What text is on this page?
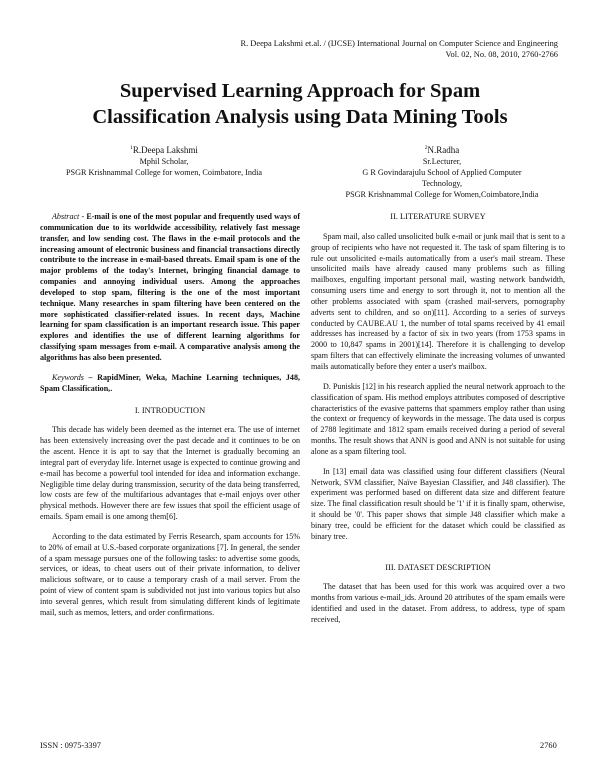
R. Deepa Lakshmi et.al. / (IJCSE) International Journal on Computer Science and Engineering
Vol. 02, No. 08, 2010, 2760-2766
Supervised Learning Approach for Spam
Classification Analysis using Data Mining Tools
$^1$R.Deepa Lakshmi
Mphil Scholar,
PSGR Krishnammal College for women, Coimbatore, India
$^2$N.Radha
Sr.Lecturer,
G R Govindarajulu School of Applied Computer
Technology,
PSGR Krishnammal College for Women,Coimbatore,India

Abstract - E-mail is one of the most popular and frequently used ways of communication due to its worldwide accessibility, relatively fast message transfer, and low sending cost. The flaws in the e-mail protocols and the increasing amount of electronic business and financial transactions directly contribute to the increase in e-mail-based threats. Email spam is one of the major problems of the today's Internet, bringing financial damage to companies and annoying individual users. Among the approaches developed to stop spam, filtering is the one of the most important technique. Many researches in spam filtering have been centered on the more sophisticated classifier-related issues. In recent days, Machine learning for spam classification is an important research issue. This paper explores and identifies the use of different learning algorithms for classifying spam messages from e-mail. A comparative analysis among the algorithms has also been presented.

Keywords – RapidMiner, Weka, Machine Learning techniques, J48, Spam Classification,.

I. INTRODUCTION

This decade has widely been deemed as the internet era. The use of internet has been extensively increasing over the past decade and it continues to be on the ascent. Hence it is apt to say that the Internet is gradually becoming an integral part of everyday life. Internet usage is expected to continue growing and e-mail has become a powerful tool intended for idea and information exchange. Negligible time delay during transmission, security of the data being transferred, low costs are few of the multifarious advantages that e-mail enjoys over other physical methods. However there are few issues that spoil the efficient usage of emails. Spam email is one among them[6].

According to the data estimated by Ferris Research, spam accounts for 15% to 20% of email at U.S.-based corporate organizations [7]. In general, the sender of a spam message pursues one of the following tasks: to advertise some goods, services, or ideas, to cheat users out of their private information, to deliver malicious software, or to cause a temporary crash of a mail server. From the point of view of content spam is subdivided not just into various topics but also into several genres, which result from simulating different kinds of legitimate mail, such as memos, letters, and order confirmations.

II. LITERATURE SURVEY

Spam mail, also called unsolicited bulk e-mail or junk mail that is sent to a group of recipients who have not requested it. The task of spam filtering is to rule out unsolicited e-mails automatically from a user's mail stream. These unsolicited mails have already caused many problems such as filling mailboxes, engulfing important personal mail, wasting network bandwidth, consuming users time and energy to sort through it, not to mention all the other problems associated with spam (crashed mail-servers, pornography adverts sent to children, and so on)[11]. According to a series of surveys conducted by CAUBE.AU 1, the number of total spams received by 41 email addresses has increased by a factor of six in two years (from 1753 spams in 2000 to 10,847 spams in 2001)[14]. Therefore it is challenging to develop spam filters that can effectively eliminate the increasing volumes of unwanted mails automatically before they enter a user's mailbox.

D. Puniskis [12] in his research applied the neural network approach to the classification of spam. His method employs attributes composed of descriptive characteristics of the evasive patterns that spammers employ rather than using the context or frequency of keywords in the message. The data used is corpus of 2788 legitimate and 1812 spam emails received during a period of several months. The result shows that ANN is good and ANN is not suitable for using alone as a spam filtering tool.

In [13] email data was classified using four different classifiers (Neural Network, SVM classifier, Naïve Bayesian Classifier, and J48 classifier). The experiment was performed based on different data size and different feature size. The final classification result should be '1' if it is finally spam, otherwise, it should be '0'. This paper shows that simple J48 classifier which make a binary tree, could be efficient for the dataset which could be classified as binary tree.

III. DATASET DESCRIPTION

The dataset that has been used for this work was acquired over a two months from various e-mail_ids. Around 20 attributes of the spam emails were identified and used in the dataset. From address, to address, type of spam received,

ISSN : 0975-3397	2760
